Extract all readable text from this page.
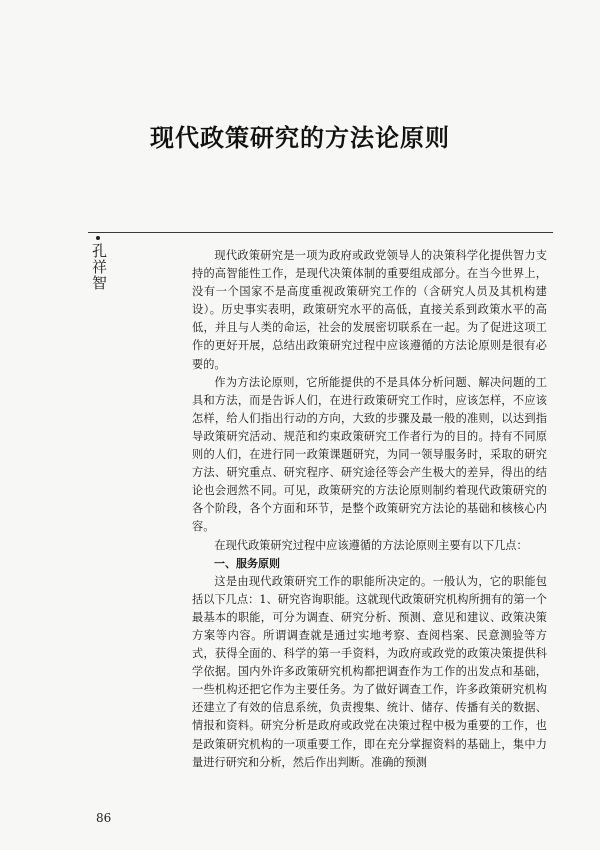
现代政策研究的方法论原则
孔祥智	现代政策研究是一项为政府或政党领导人的决策科学化提供智力支持的高智能性工作，是现代决策体制的重要组成部分。在当今世界上，没有一个国家不是高度重视政策研究工作的（含研究人员及其机构建设）。历史事实表明，政策研究水平的高低，直接关系到政策水平的高低，并且与人类的命运，社会的发展密切联系在一起。为了促进这项工作的更好开展，总结出政策研究过程中应该遵循的方法论原则是很有必要的。

作为方法论原则，它所能提供的不是具体分析问题、解决问题的工具和方法，而是告诉人们，在进行政策研究工作时，应该怎样，不应该怎样，给人们指出行动的方向，大致的步骤及最一般的准则，以达到指导政策研究活动、规范和约束政策研究工作者行为的目的。持有不同原则的人们，在进行同一政策课题研究，为同一领导服务时，采取的研究方法、研究重点、研究程序、研究途径等会产生极大的差异，得出的结论也会迥然不同。可见，政策研究的方法论原则制约着现代政策研究的各个阶段，各个方面和环节，是整个政策研究方法论的基础和核核心内容。

在现代政策研究过程中应该遵循的方法论原则主要有以下几点：

一、服务原则

这是由现代政策研究工作的职能所决定的。一般认为，它的职能包括以下几点：1、研究咨询职能。这就现代政策研究机构所拥有的第一个最基本的职能，可分为调查、研究分析、预测、意见和建议、政策决策方案等内容。所谓调查就是通过实地考察、查阅档案、民意测验等方式，获得全面的、科学的第一手资料，为政府或政党的政策决策提供科学依据。国内外许多政策研究机构都把调查作为工作的出发点和基础，一些机构还把它作为主要任务。为了做好调查工作，许多政策研究机构还建立了有效的信息系统，负责搜集、统计、储存、传播有关的数据、情报和资料。研究分析是政府或政党在决策过程中极为重要的工作，也是政策研究机构的一项重要工作，即在充分掌握资料的基础上，集中力量进行研究和分析，然后作出判断。准确的预测

86
